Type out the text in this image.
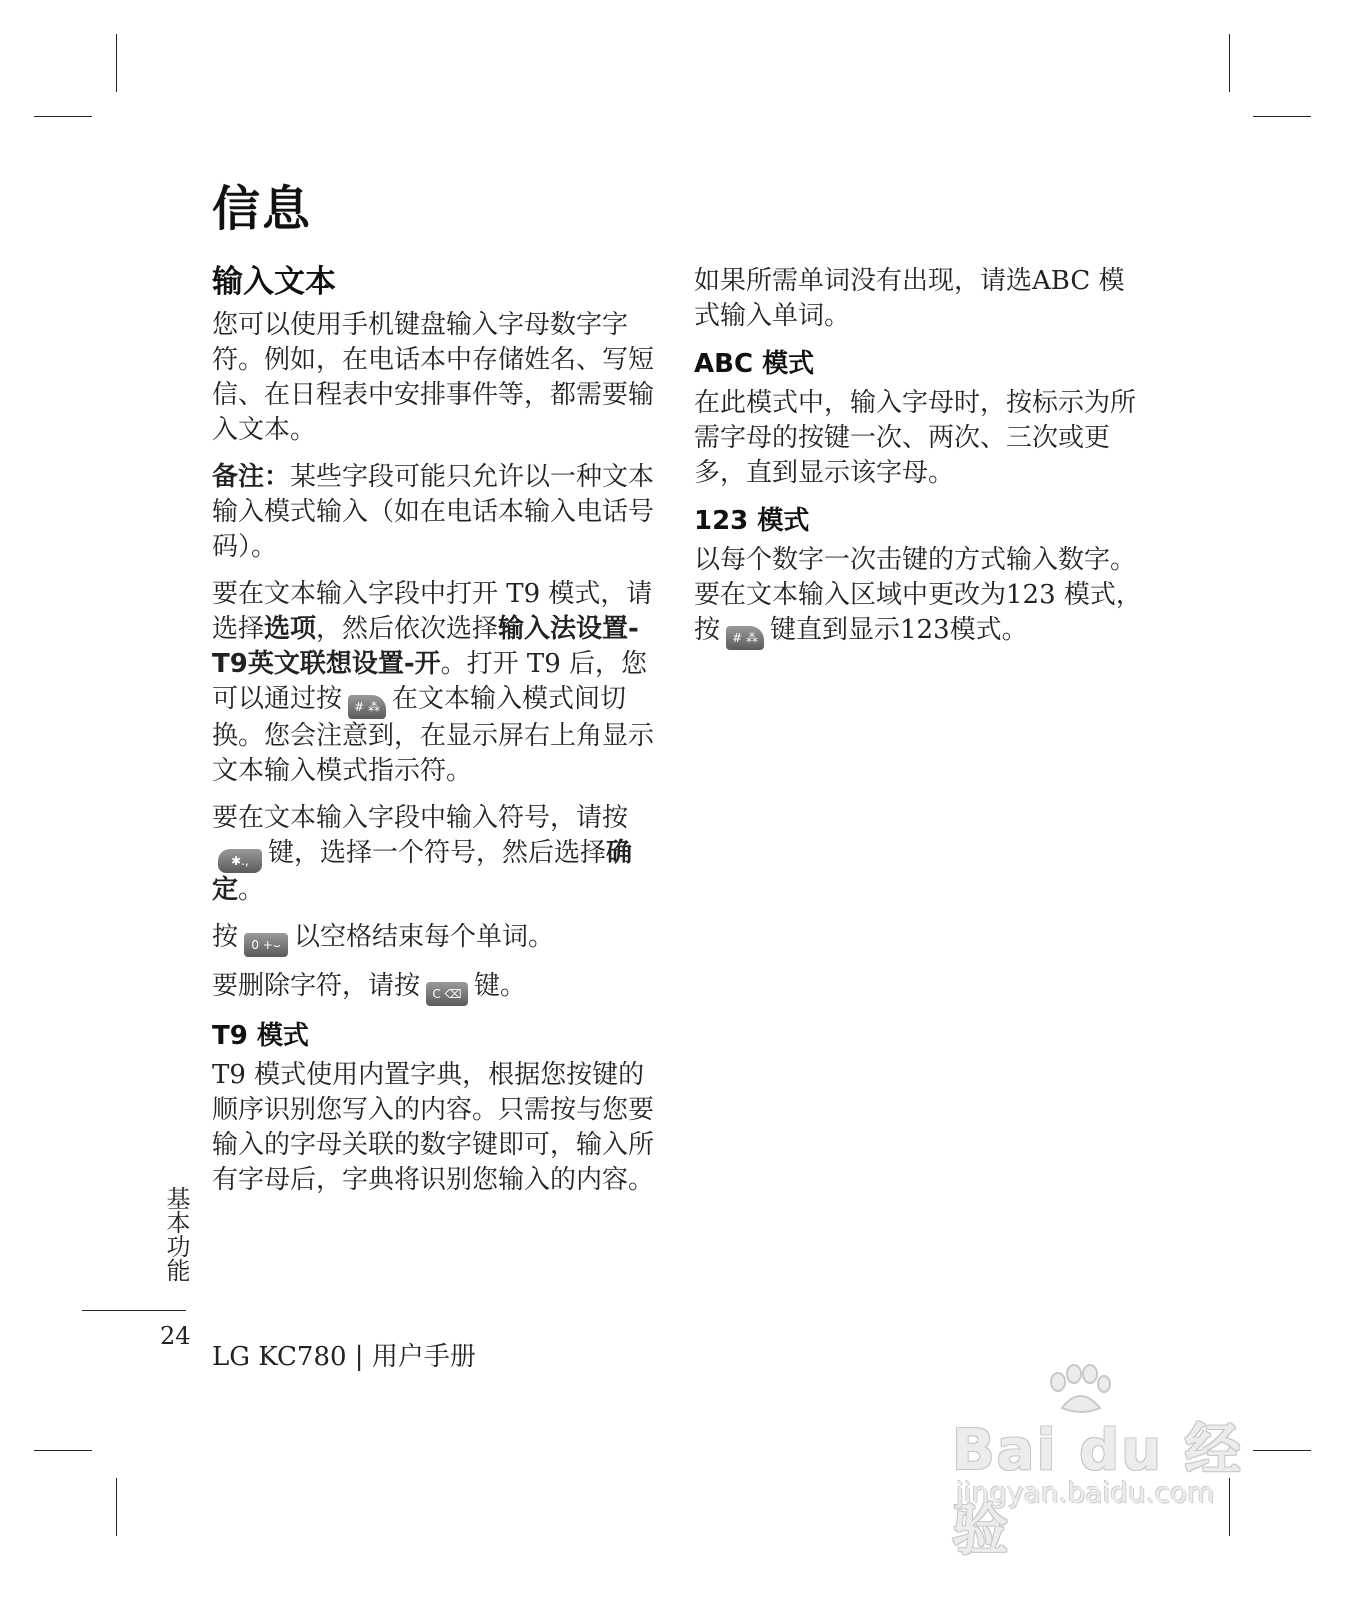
信息
输入文本

您可以使用手机键盘输入字母数字字符。例如，在电话本中存储姓名、写短信、在日程表中安排事件等，都需要输入文本。

备注：某些字段可能只允许以一种文本输入模式输入（如在电话本输入电话号码）。

要在文本输入字段中打开 T9 模式，请选择选项，然后依次选择输入法设置-T9英文联想设置-开。打开 T9 后，您可以通过按 # ⁂ 在文本输入模式间切换。您会注意到，在显示屏右上角显示文本输入模式指示符。

要在文本输入字段中输入符号，请按✱., 键，选择一个符号，然后选择确定。

按 0 +⌣ 以空格结束每个单词。

要删除字符，请按 C ⌫ 键。

T9 模式

T9 模式使用内置字典，根据您按键的顺序识别您写入的内容。只需按与您要输入的字母关联的数字键即可，输入所有字母后，字典将识别您输入的内容。

如果所需单词没有出现，请选ABC 模式输入单词。

ABC 模式

在此模式中，输入字母时，按标示为所需字母的按键一次、两次、三次或更多，直到显示该字母。

123 模式

以每个数字一次击键的方式输入数字。要在文本输入区域中更改为123 模式，按 # ⁂ 键直到显示123模式。

基本功能
24
LG KC780 | 用户手册
Bai du 经验
jingyan.baidu.com
